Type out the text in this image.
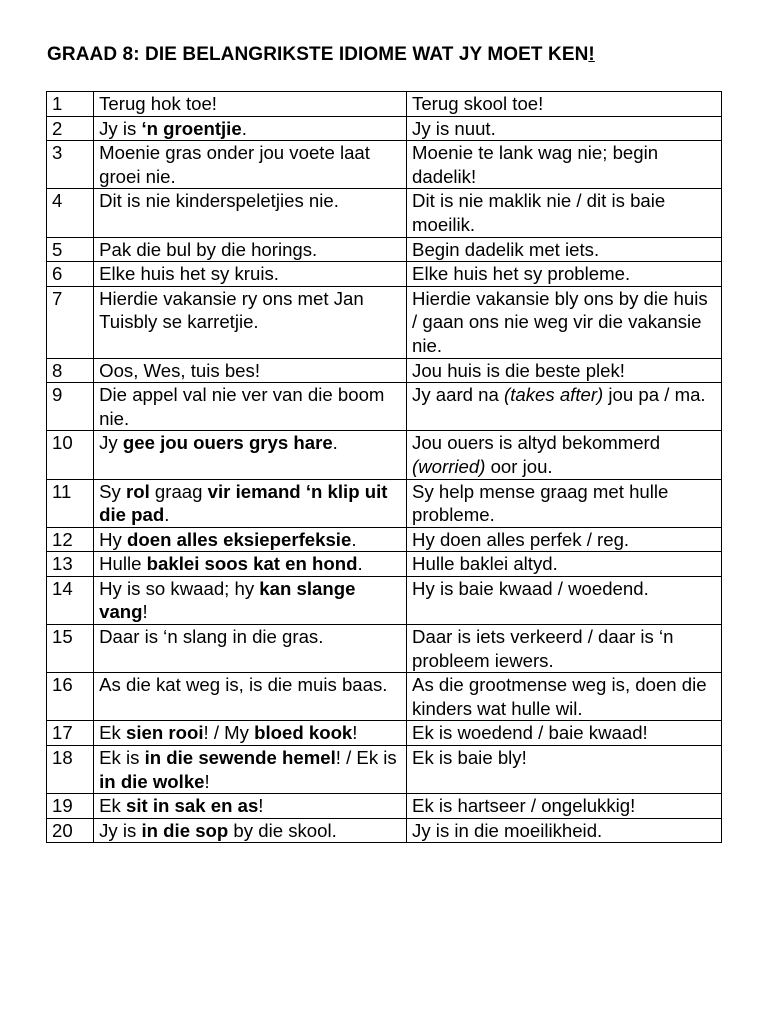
GRAAD 8: DIE BELANGRIKSTE IDIOME WAT JY MOET KEN!
1	Terug hok toe!	Terug skool toe!
2	Jy is ‘n groentjie.	Jy is nuut.
3	Moenie gras onder jou voete laat groei nie.	Moenie te lank wag nie; begin dadelik!
4	Dit is nie kinderspeletjies nie.	Dit is nie maklik nie / dit is baie moeilik.
5	Pak die bul by die horings.	Begin dadelik met iets.
6	Elke huis het sy kruis.	Elke huis het sy probleme.
7	Hierdie vakansie ry ons met Jan Tuisbly se karretjie.	Hierdie vakansie bly ons by die huis / gaan ons nie weg vir die vakansie nie.
8	Oos, Wes, tuis bes!	Jou huis is die beste plek!
9	Die appel val nie ver van die boom nie.	Jy aard na (takes after) jou pa / ma.
10	Jy gee jou ouers grys hare.	Jou ouers is altyd bekommerd (worried) oor jou.
11	Sy rol graag vir iemand ‘n klip uit die pad.	Sy help mense graag met hulle probleme.
12	Hy doen alles eksieperfeksie.	Hy doen alles perfek / reg.
13	Hulle baklei soos kat en hond.	Hulle baklei altyd.
14	Hy is so kwaad; hy kan slange vang!	Hy is baie kwaad / woedend.
15	Daar is ‘n slang in die gras.	Daar is iets verkeerd / daar is ‘n probleem iewers.
16	As die kat weg is, is die muis baas.	As die grootmense weg is, doen die kinders wat hulle wil.
17	Ek sien rooi! / My bloed kook!	Ek is woedend / baie kwaad!
18	Ek is in die sewende hemel! / Ek is in die wolke!	Ek is baie bly!
19	Ek sit in sak en as!	Ek is hartseer / ongelukkig!
20	Jy is in die sop by die skool.	Jy is in die moeilikheid.
